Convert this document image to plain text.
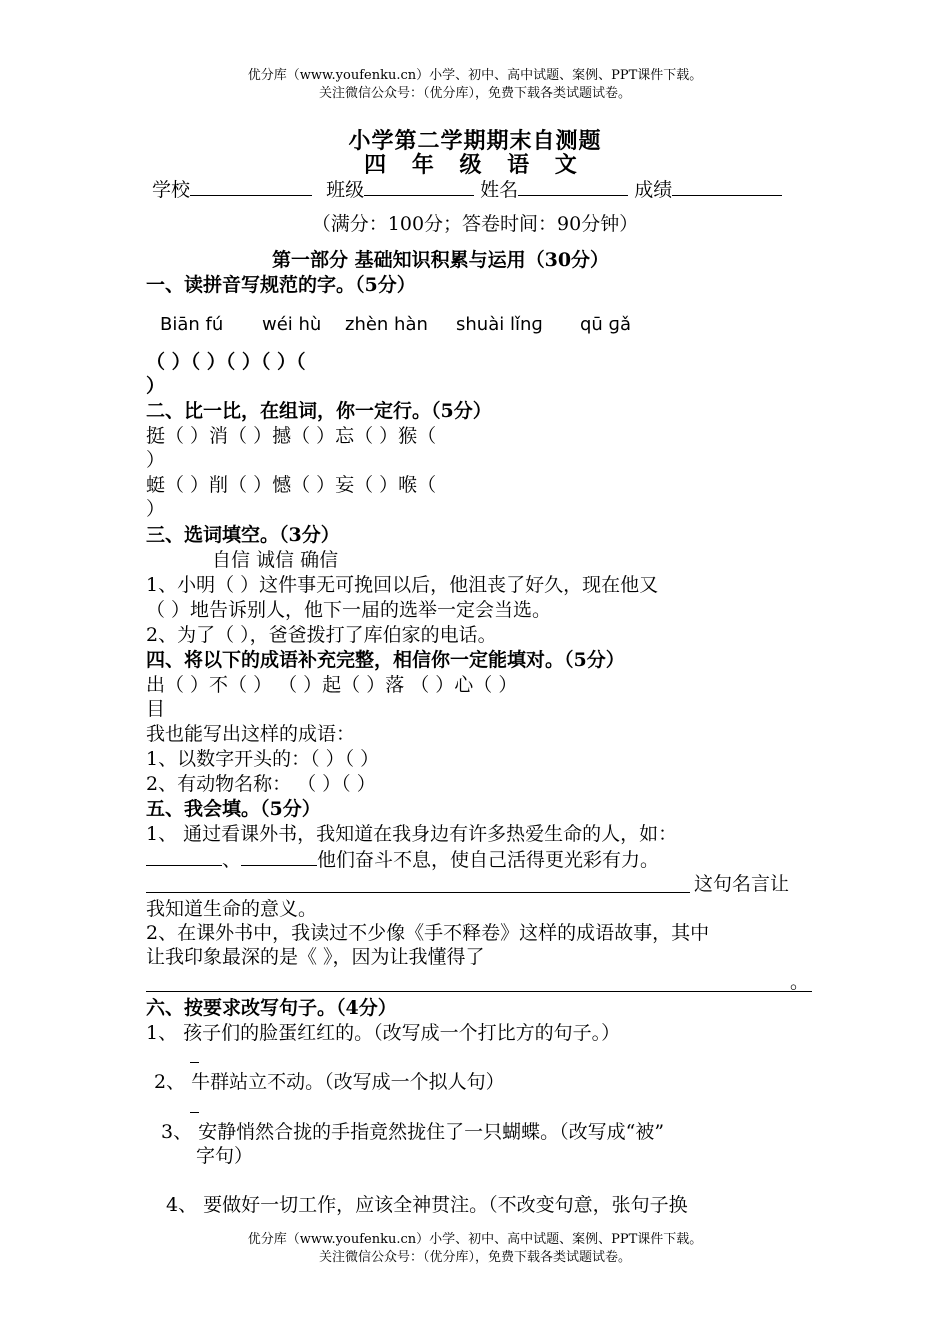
优分库（www.youfenku.cn）小学、初中、高中试题、案例、PPT课件下载。
关注微信公众号：（优分库），免费下载各类试题试卷。
小学第二学期期末自测题
四 年 级 语 文
学校	班级	姓名	成绩
（满分：100分；答卷时间：90分钟）
第一部分 基础知识积累与运用（30分）
一、读拼音写规范的字。（5分）
Biān fú wéi hù zhèn hàn shuài lǐnɡ qū ɡǎ
（ ）（ ）（ ）（ ）（
）
二、比一比，在组词，你一定行。（5分）
挺（ ）消（ ）撼（ ）忘（ ）猴（
）
蜓（ ）削（ ）憾（ ）妄（ ）喉（
）
三、选词填空。（3分）
自信 诚信 确信
1、小明（ ）这件事无可挽回以后，他沮丧了好久，现在他又
（ ）地告诉别人，他下一届的选举一定会当选。
2、为了（ ），爸爸拨打了库伯家的电话。
四、将以下的成语补充完整，相信你一定能填对。（5分）
出（ ）不（ ） （ ）起（ ）落 （ ）心（ ）
目
我也能写出这样的成语：
1、以数字开头的：（ ）（ ）
2、有动物名称： （ ）（ ）
五、我会填。（5分）
1、 通过看课外书，我知道在我身边有许多热爱生命的人，如：
、	他们奋斗不息，使自己活得更光彩有力。
这句名言让
我知道生命的意义。
2、在课外书中，我读过不少像《手不释卷》这样的成语故事，其中
让我印象最深的是《 》，因为让我懂得了
。
六、按要求改写句子。（4分）
1、 孩子们的脸蛋红红的。（改写成一个打比方的句子。）
2、 牛群站立不动。（改写成一个拟人句）
3、 安静悄然合拢的手指竟然拢住了一只蝴蝶。（改写成“被”
字句）
4、 要做好一切工作，应该全神贯注。（不改变句意，张句子换
优分库（www.youfenku.cn）小学、初中、高中试题、案例、PPT课件下载。
关注微信公众号：（优分库），免费下载各类试题试卷。
